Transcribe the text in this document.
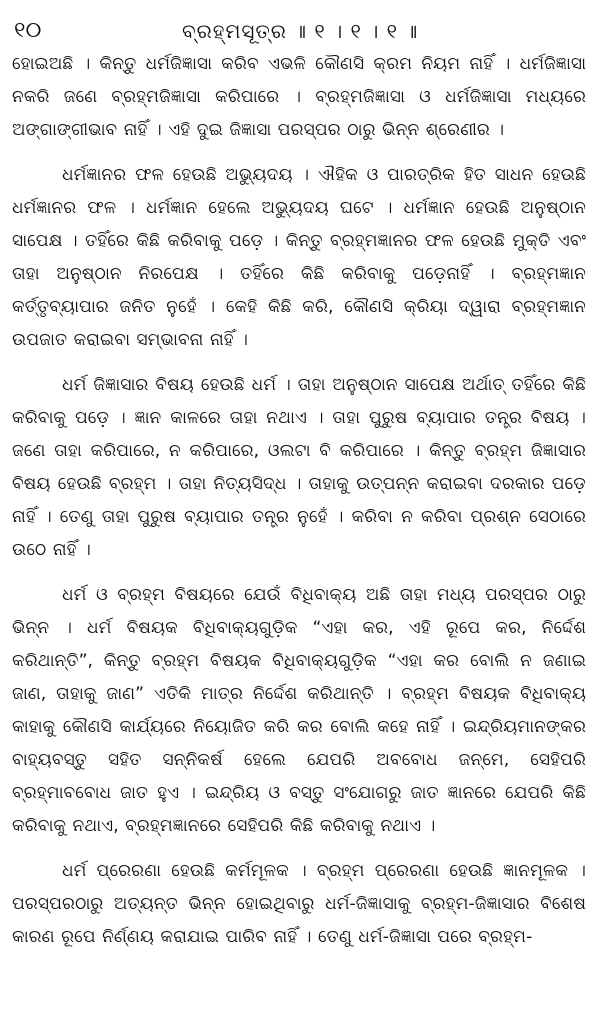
୧୦	ବ୍ରହ୍ମସୂତ୍ର ॥ ୧ । ୧ । ୧ ॥

ହୋଇଅଛି । କିନ୍ତୁ ଧର୍ମଜିଜ୍ଞାସା କରିବ ଏଭଳି କୌଣସି କ୍ରମ ନିୟମ ନାହିଁ । ଧର୍ମଜିଜ୍ଞାସା ନକରି ଜଣେ ବ୍ରହ୍ମଜିଜ୍ଞାସା କରିପାରେ । ବ୍ରହ୍ମଜିଜ୍ଞାସା ଓ ଧର୍ମଜିଜ୍ଞାସା ମଧ୍ୟରେ ଅଙ୍ଗାଙ୍ଗୀଭାବ ନାହିଁ । ଏହି ଦୁଇ ଜିଜ୍ଞାସା ପରସ୍ପର ଠାରୁ ଭିନ୍ନ ଶ୍ରେଣୀର ।

ଧର୍ମଜ୍ଞାନର ଫଳ ହେଉଛି ଅଭ୍ୟୁଦୟ । ଐହିକ ଓ ପାରତ୍ରିକ ହିତ ସାଧନ ହେଉଛି ଧର୍ମଜ୍ଞାନର ଫଳ । ଧର୍ମଜ୍ଞାନ ହେଲେ ଅଭ୍ୟୁଦୟ ଘଟେ । ଧର୍ମଜ୍ଞାନ ହେଉଛି ଅନୁଷ୍ଠାନ ସାପେକ୍ଷ । ତହିଁରେ କିଛି କରିବାକୁ ପଡ଼େ । କିନ୍ତୁ ବ୍ରହ୍ମଜ୍ଞାନର ଫଳ ହେଉଛି ମୁକ୍ତି ଏବଂ ତାହା ଅନୁଷ୍ଠାନ ନିରପେକ୍ଷ । ତହିଁରେ କିଛି କରିବାକୁ ପଡ଼େନାହିଁ । ବ୍ରହ୍ମଜ୍ଞାନ କର୍ତ୍ତୃବ୍ୟାପାର ଜନିତ ନୁହେଁ । କେହି କିଛି କରି, କୌଣସି କ୍ରିୟା ଦ୍ୱାରା ବ୍ରହ୍ମଜ୍ଞାନ ଉପଜାତ କରାଇବା ସମ୍ଭାବନା ନାହିଁ ।

ଧର୍ମ ଜିଜ୍ଞାସାର ବିଷୟ ହେଉଛି ଧର୍ମ । ତାହା ଅନୁଷ୍ଠାନ ସାପେକ୍ଷ ଅର୍ଥାତ୍ ତହିଁରେ କିଛି କରିବାକୁ ପଡ଼େ । ଜ୍ଞାନ କାଳରେ ତାହା ନଥାଏ । ତାହା ପୁରୁଷ ବ୍ୟାପାର ତନ୍ତ୍ର ବିଷୟ । ଜଣେ ତାହା କରିପାରେ, ନ କରିପାରେ, ଓଲଟା ବି କରିପାରେ । କିନ୍ତୁ ବ୍ରହ୍ମ ଜିଜ୍ଞାସାର ବିଷୟ ହେଉଛି ବ୍ରହ୍ମ । ତାହା ନିତ୍ୟସିଦ୍ଧ । ତାହାକୁ ଉତ୍ପନ୍ନ କରାଇବା ଦରକାର ପଡ଼େ ନାହିଁ । ତେଣୁ ତାହା ପୁରୁଷ ବ୍ୟାପାର ତନ୍ତ୍ର ନୁହେଁ । କରିବା ନ କରିବା ପ୍ରଶ୍ନ ସେଠାରେ ଉଠେ ନାହିଁ ।

ଧର୍ମ ଓ ବ୍ରହ୍ମ ବିଷୟରେ ଯେଉଁ ବିଧିବାକ୍ୟ ଅଛି ତାହା ମଧ୍ୟ ପରସ୍ପର ଠାରୁ ଭିନ୍ନ । ଧର୍ମ ବିଷୟକ ବିଧିବାକ୍ୟଗୁଡ଼ିକ “ଏହା କର, ଏହି ରୂପେ କର, ନିର୍ଦ୍ଦେଶ କରିଥାନ୍ତି”, କିନ୍ତୁ ବ୍ରହ୍ମ ବିଷୟକ ବିଧିବାକ୍ୟଗୁଡ଼ିକ “ଏହା କର ବୋଲି ନ ଜଣାଇ ଜାଣ, ତାହାକୁ ଜାଣ” ଏତିକି ମାତ୍ର ନିର୍ଦ୍ଦେଶ କରିଥାନ୍ତି । ବ୍ରହ୍ମ ବିଷୟକ ବିଧିବାକ୍ୟ କାହାକୁ କୌଣସି କାର୍ଯ୍ୟରେ ନିୟୋଜିତ କରି କର ବୋଲି କହେ ନାହିଁ । ଇନ୍ଦ୍ରିୟମାନଙ୍କର ବାହ୍ୟବସ୍ତୁ ସହିତ ସନ୍ନିକର୍ଷ ହେଲେ ଯେପରି ଅବବୋଧ ଜନ୍ମେ, ସେହିପରି ବ୍ରହ୍ମାବବୋଧ ଜାତ ହୁଏ । ଇନ୍ଦ୍ରିୟ ଓ ବସ୍ତୁ ସଂଯୋଗରୁ ଜାତ ଜ୍ଞାନରେ ଯେପରି କିଛି କରିବାକୁ ନଥାଏ, ବ୍ରହ୍ମଜ୍ଞାନରେ ସେହିପରି କିଛି କରିବାକୁ ନଥାଏ ।

ଧର୍ମ ପ୍ରେରଣା ହେଉଛି କର୍ମମୂଳକ । ବ୍ରହ୍ମ ପ୍ରେରଣା ହେଉଛି ଜ୍ଞାନମୂଳକ । ପରସ୍ପରଠାରୁ ଅତ୍ୟନ୍ତ ଭିନ୍ନ ହୋଇଥିବାରୁ ଧର୍ମ-ଜିଜ୍ଞାସାକୁ ବ୍ରହ୍ମ-ଜିଜ୍ଞାସାର ବିଶେଷ କାରଣ ରୂପେ ନିର୍ଣ୍ଣୟ କରାଯାଇ ପାରିବ ନାହିଁ । ତେଣୁ ଧର୍ମ-ଜିଜ୍ଞାସା ପରେ ବ୍ରହ୍ମ-
